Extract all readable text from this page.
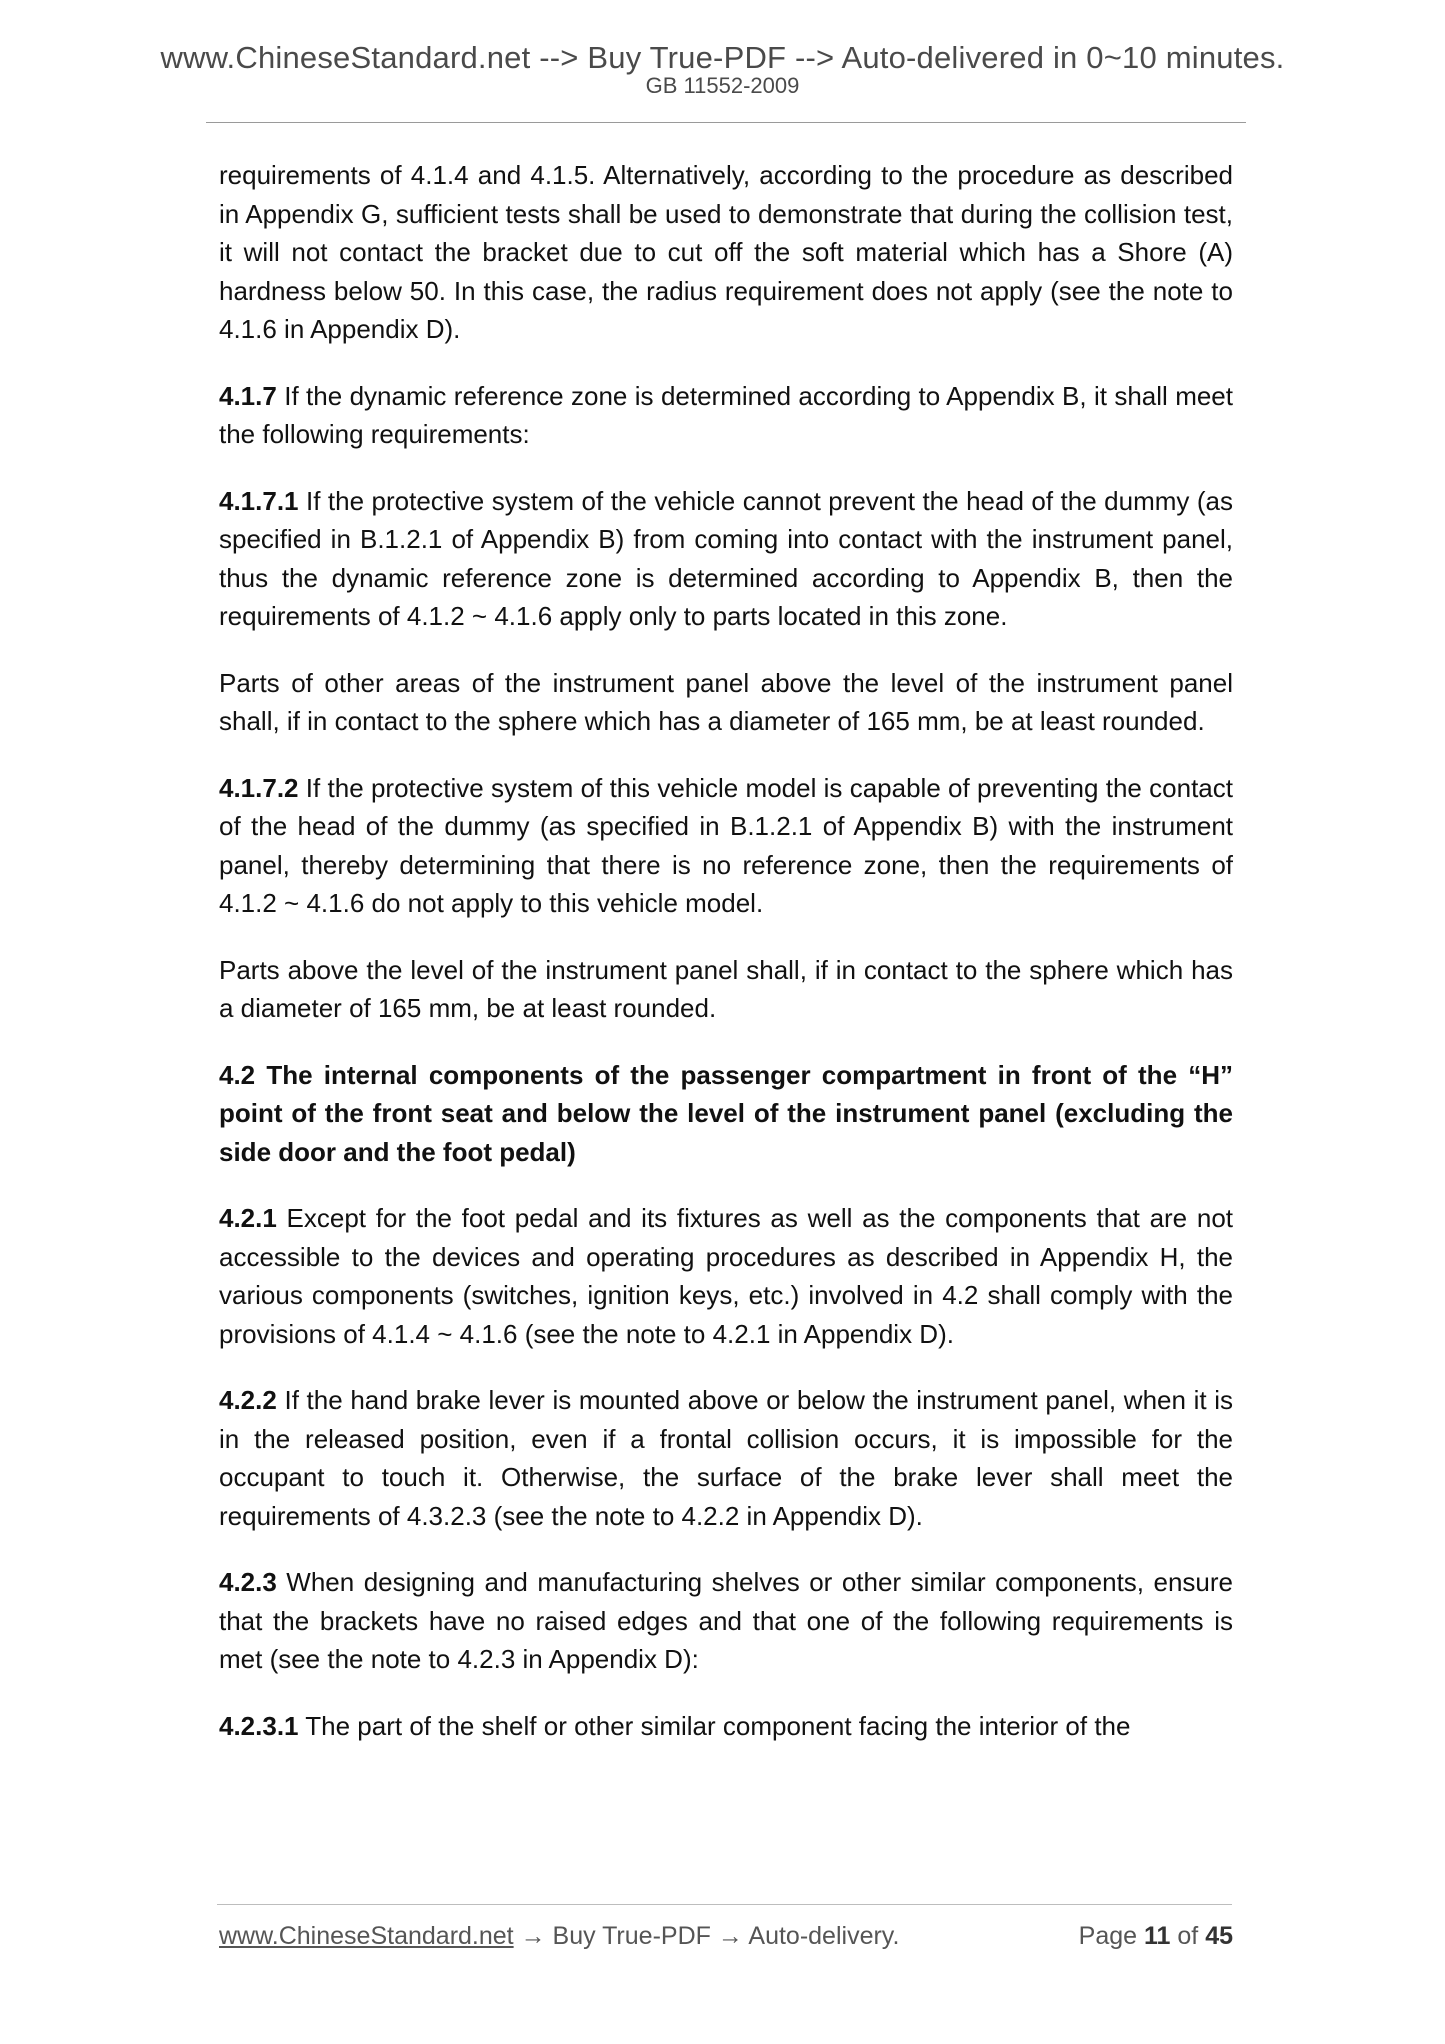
www.ChineseStandard.net --> Buy True-PDF --> Auto-delivered in 0~10 minutes.
GB 11552-2009

requirements of 4.1.4 and 4.1.5. Alternatively, according to the procedure as described in Appendix G, sufficient tests shall be used to demonstrate that during the collision test, it will not contact the bracket due to cut off the soft material which has a Shore (A) hardness below 50. In this case, the radius requirement does not apply (see the note to 4.1.6 in Appendix D).

4.1.7 If the dynamic reference zone is determined according to Appendix B, it shall meet the following requirements:

4.1.7.1 If the protective system of the vehicle cannot prevent the head of the dummy (as specified in B.1.2.1 of Appendix B) from coming into contact with the instrument panel, thus the dynamic reference zone is determined according to Appendix B, then the requirements of 4.1.2 ~ 4.1.6 apply only to parts located in this zone.

Parts of other areas of the instrument panel above the level of the instrument panel shall, if in contact to the sphere which has a diameter of 165 mm, be at least rounded.

4.1.7.2 If the protective system of this vehicle model is capable of preventing the contact of the head of the dummy (as specified in B.1.2.1 of Appendix B) with the instrument panel, thereby determining that there is no reference zone, then the requirements of 4.1.2 ~ 4.1.6 do not apply to this vehicle model.

Parts above the level of the instrument panel shall, if in contact to the sphere which has a diameter of 165 mm, be at least rounded.

4.2 The internal components of the passenger compartment in front of the “H” point of the front seat and below the level of the instrument panel (excluding the side door and the foot pedal)

4.2.1 Except for the foot pedal and its fixtures as well as the components that are not accessible to the devices and operating procedures as described in Appendix H, the various components (switches, ignition keys, etc.) involved in 4.2 shall comply with the provisions of 4.1.4 ~ 4.1.6 (see the note to 4.2.1 in Appendix D).

4.2.2 If the hand brake lever is mounted above or below the instrument panel, when it is in the released position, even if a frontal collision occurs, it is impossible for the occupant to touch it. Otherwise, the surface of the brake lever shall meet the requirements of 4.3.2.3 (see the note to 4.2.2 in Appendix D).

4.2.3 When designing and manufacturing shelves or other similar components, ensure that the brackets have no raised edges and that one of the following requirements is met (see the note to 4.2.3 in Appendix D):

4.2.3.1 The part of the shelf or other similar component facing the interior of the

www.ChineseStandard.net → Buy True-PDF → Auto-delivery.	Page 11 of 45
